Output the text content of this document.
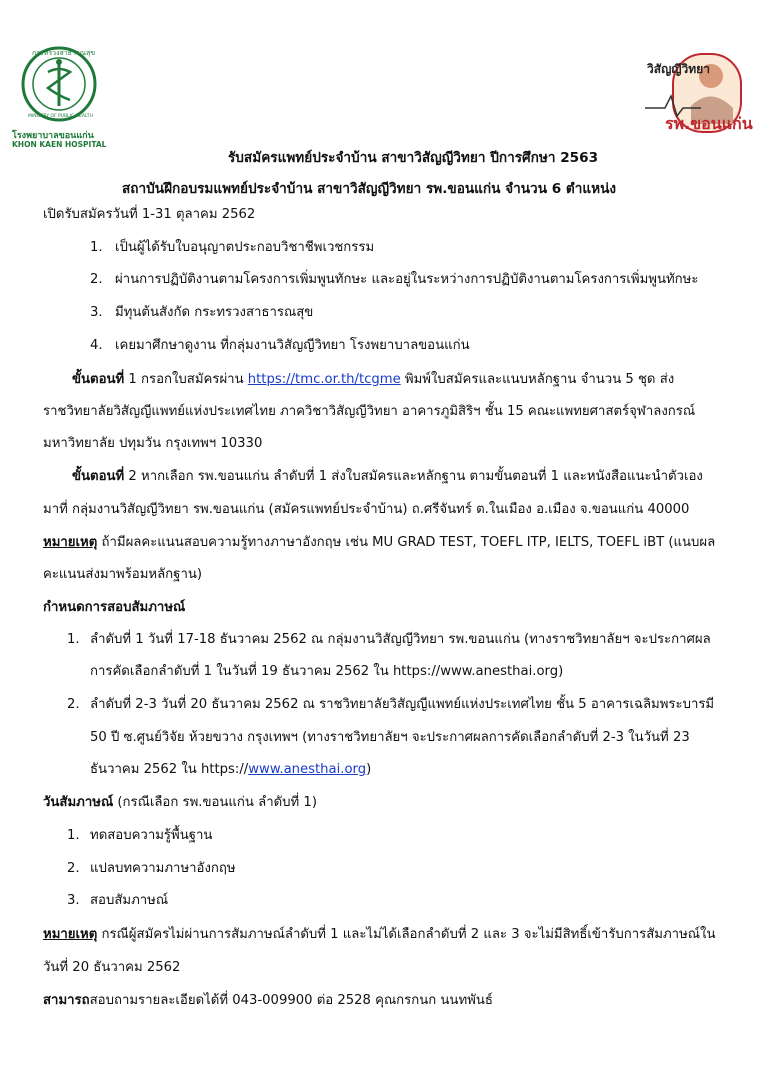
กระทรวงสาธารณสุข
MINISTRY OF PUBLIC HEALTH
โรงพยาบาลขอนแก่น
KHON KAEN HOSPITAL
วิสัญญีวิทยา
รพ.ขอนแก่น
รับสมัครแพทย์ประจำบ้าน สาขาวิสัญญีวิทยา ปีการศึกษา 2563
สถาบันฝึกอบรมแพทย์ประจำบ้าน สาขาวิสัญญีวิทยา รพ.ขอนแก่น จำนวน 6 ตำแหน่ง
เปิดรับสมัครวันที่ 1-31 ตุลาคม 2562
1. เป็นผู้ได้รับใบอนุญาตประกอบวิชาชีพเวชกรรม
2. ผ่านการปฏิบัติงานตามโครงการเพิ่มพูนทักษะ และอยู่ในระหว่างการปฏิบัติงานตามโครงการเพิ่มพูนทักษะ
3. มีทุนต้นสังกัด กระทรวงสาธารณสุข
4. เคยมาศึกษาดูงาน ที่กลุ่มงานวิสัญญีวิทยา โรงพยาบาลขอนแก่น
ขั้นตอนที่ 1 กรอกใบสมัครผ่าน https://tmc.or.th/tcgme พิมพ์ใบสมัครและแนบหลักฐาน จำนวน 5 ชุด ส่ง
ราชวิทยาลัยวิสัญญีแพทย์แห่งประเทศไทย ภาควิชาวิสัญญีวิทยา อาคารภูมิสิริฯ ชั้น 15 คณะแพทยศาสตร์จุฬาลงกรณ์
มหาวิทยาลัย ปทุมวัน กรุงเทพฯ 10330
ขั้นตอนที่ 2 หากเลือก รพ.ขอนแก่น ลำดับที่ 1 ส่งใบสมัครและหลักฐาน ตามขั้นตอนที่ 1 และหนังสือแนะนำตัวเอง
มาที่ กลุ่มงานวิสัญญีวิทยา รพ.ขอนแก่น (สมัครแพทย์ประจำบ้าน) ถ.ศรีจันทร์ ต.ในเมือง อ.เมือง จ.ขอนแก่น 40000
หมายเหตุ ถ้ามีผลคะแนนสอบความรู้ทางภาษาอังกฤษ เช่น MU GRAD TEST, TOEFL ITP, IELTS, TOEFL iBT (แนบผล
คะแนนส่งมาพร้อมหลักฐาน)
กำหนดการสอบสัมภาษณ์
1. ลำดับที่ 1 วันที่ 17-18 ธันวาคม 2562 ณ กลุ่มงานวิสัญญีวิทยา รพ.ขอนแก่น (ทางราชวิทยาลัยฯ จะประกาศผล
การคัดเลือกลำดับที่ 1 ในวันที่ 19 ธันวาคม 2562 ใน https://www.anesthai.org)
2. ลำดับที่ 2-3 วันที่ 20 ธันวาคม 2562 ณ ราชวิทยาลัยวิสัญญีแพทย์แห่งประเทศไทย ชั้น 5 อาคารเฉลิมพระบารมี
50 ปี ซ.ศูนย์วิจัย ห้วยขวาง กรุงเทพฯ (ทางราชวิทยาลัยฯ จะประกาศผลการคัดเลือกลำดับที่ 2-3 ในวันที่ 23
ธันวาคม 2562 ใน https://www.anesthai.org)
วันสัมภาษณ์ (กรณีเลือก รพ.ขอนแก่น ลำดับที่ 1)
1. ทดสอบความรู้พื้นฐาน
2. แปลบทความภาษาอังกฤษ
3. สอบสัมภาษณ์
หมายเหตุ กรณีผู้สมัครไม่ผ่านการสัมภาษณ์ลำดับที่ 1 และไม่ได้เลือกลำดับที่ 2 และ 3 จะไม่มีสิทธิ์เข้ารับการสัมภาษณ์ใน
วันที่ 20 ธันวาคม 2562
สามารถสอบถามรายละเอียดได้ที่ 043-009900 ต่อ 2528 คุณกรกนก นนทพันธ์
